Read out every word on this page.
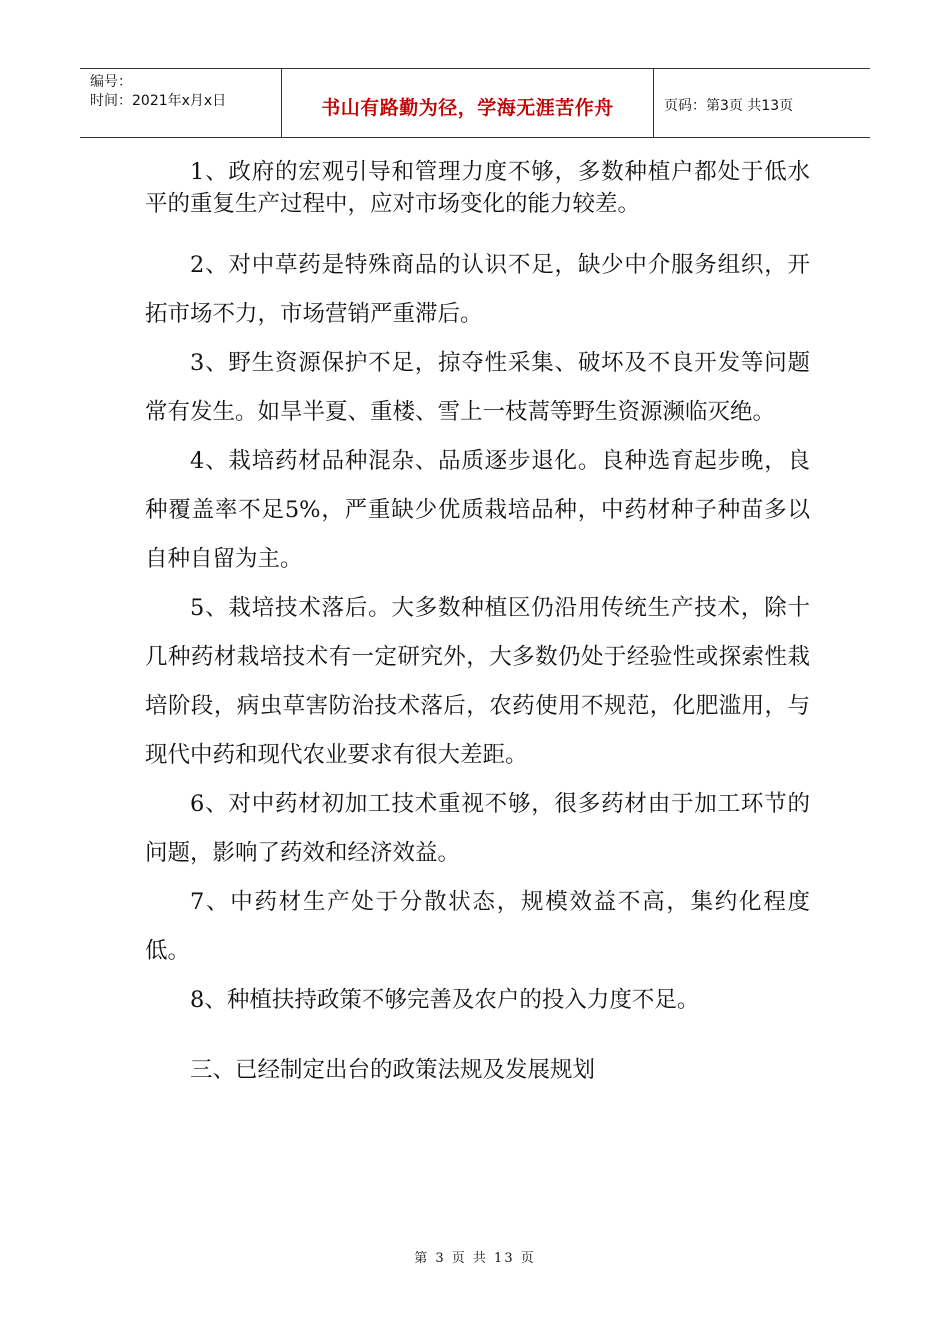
编号：
时间：2021年x月x日	书山有路勤为径，学海无涯苦作舟	页码：第3页 共13页

1、政府的宏观引导和管理力度不够，多数种植户都处于低水平的重复生产过程中，应对市场变化的能力较差。

2、对中草药是特殊商品的认识不足，缺少中介服务组织，开拓市场不力，市场营销严重滞后。

3、野生资源保护不足，掠夺性采集、破坏及不良开发等问题常有发生。如旱半夏、重楼、雪上一枝蒿等野生资源濒临灭绝。

4、栽培药材品种混杂、品质逐步退化。良种选育起步晚，良种覆盖率不足5%，严重缺少优质栽培品种，中药材种子种苗多以自种自留为主。

5、栽培技术落后。大多数种植区仍沿用传统生产技术，除十几种药材栽培技术有一定研究外，大多数仍处于经验性或探索性栽培阶段，病虫草害防治技术落后，农药使用不规范，化肥滥用，与现代中药和现代农业要求有很大差距。

6、对中药材初加工技术重视不够，很多药材由于加工环节的问题，影响了药效和经济效益。

7、中药材生产处于分散状态，规模效益不高，集约化程度低。

8、种植扶持政策不够完善及农户的投入力度不足。

三、已经制定出台的政策法规及发展规划

第 3 页 共 13 页
